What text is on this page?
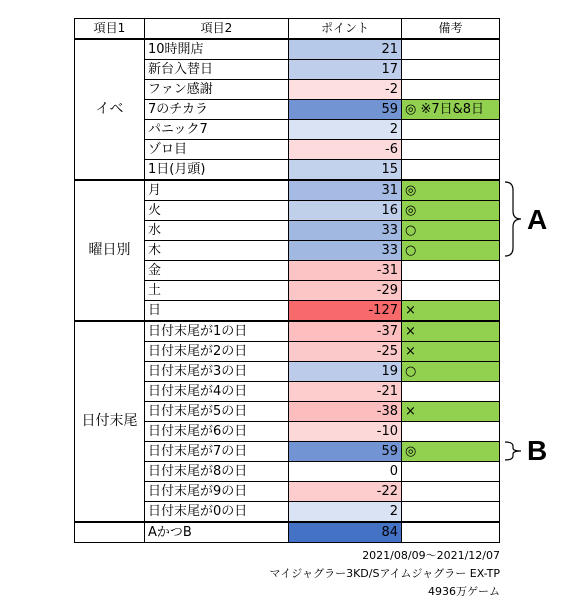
項目1	項目2	ポイント	備考
イベ	10時開店	21	
	新台入替日	17	
	ファン感謝	-2	
	7のチカラ	59	◎ ※7日&8日
	パニック7	2	
	ゾロ目	-6	
	1日(月頭)	15	
曜日別	月	31	◎
	火	16	◎
	水	33	○
	木	33	○
	金	-31	
	土	-29	
	日	-127	×
日付末尾	日付末尾が1の日	-37	×
	日付末尾が2の日	-25	×
	日付末尾が3の日	19	○
	日付末尾が4の日	-21	
	日付末尾が5の日	-38	×
	日付末尾が6の日	-10	
	日付末尾が7の日	59	◎
	日付末尾が8の日	0	
	日付末尾が9の日	-22	
	日付末尾が0の日	2	
	AかつB	84	
A
B
2021/08/09～2021/12/07
マイジャグラー3KD/Sアイムジャグラー EX-TP
4936万ゲーム
